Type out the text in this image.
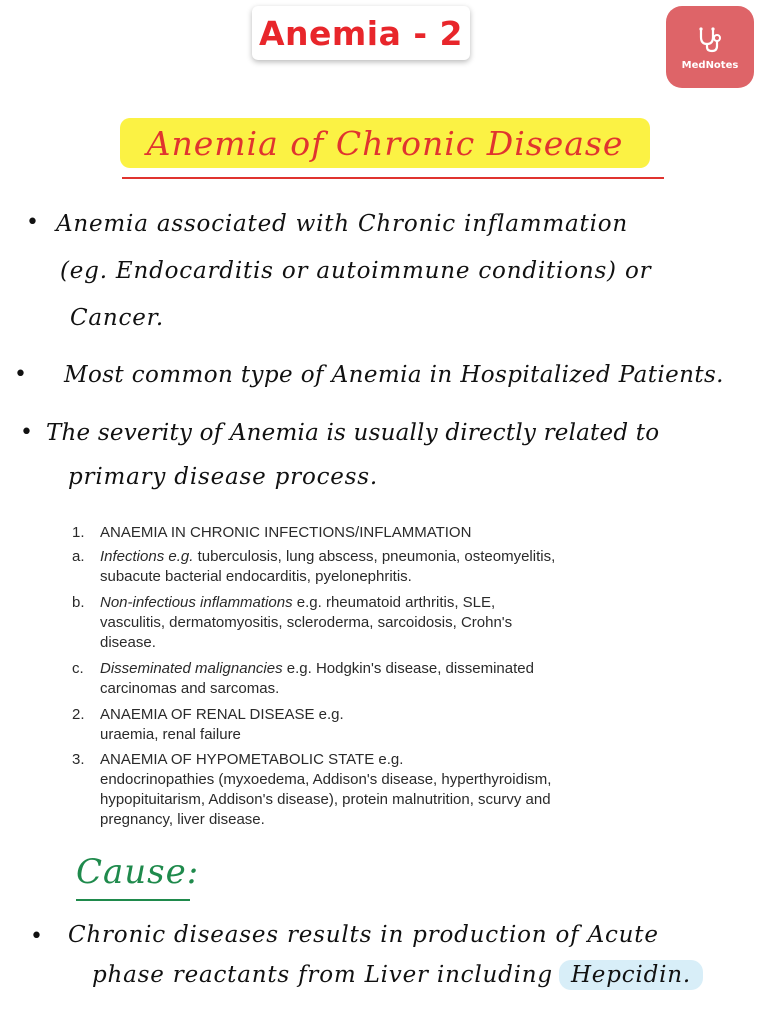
Anemia - 2
MedNotes
Anemia of Chronic Disease
• Anemia associated with Chronic inflammation
(eg. Endocarditis or autoimmune conditions) or
Cancer.
• Most common type of Anemia in Hospitalized Patients.
• The severity of Anemia is usually directly related to
primary disease process.
1. ANAEMIA IN CHRONIC INFECTIONS/INFLAMMATION
a. Infections e.g. tuberculosis, lung abscess, pneumonia, osteomyelitis,
subacute bacterial endocarditis, pyelonephritis.
b. Non-infectious inflammations e.g. rheumatoid arthritis, SLE,
vasculitis, dermatomyositis, scleroderma, sarcoidosis, Crohn's
disease.
c. Disseminated malignancies e.g. Hodgkin's disease, disseminated
carcinomas and sarcomas.
2. ANAEMIA OF RENAL DISEASE e.g.
uraemia, renal failure
3. ANAEMIA OF HYPOMETABOLIC STATE e.g.
endocrinopathies (myxoedema, Addison's disease, hyperthyroidism,
hypopituitarism, Addison's disease), protein malnutrition, scurvy and
pregnancy, liver disease.
Cause:
• Chronic diseases results in production of Acute
phase reactants from Liver including Hepcidin.
